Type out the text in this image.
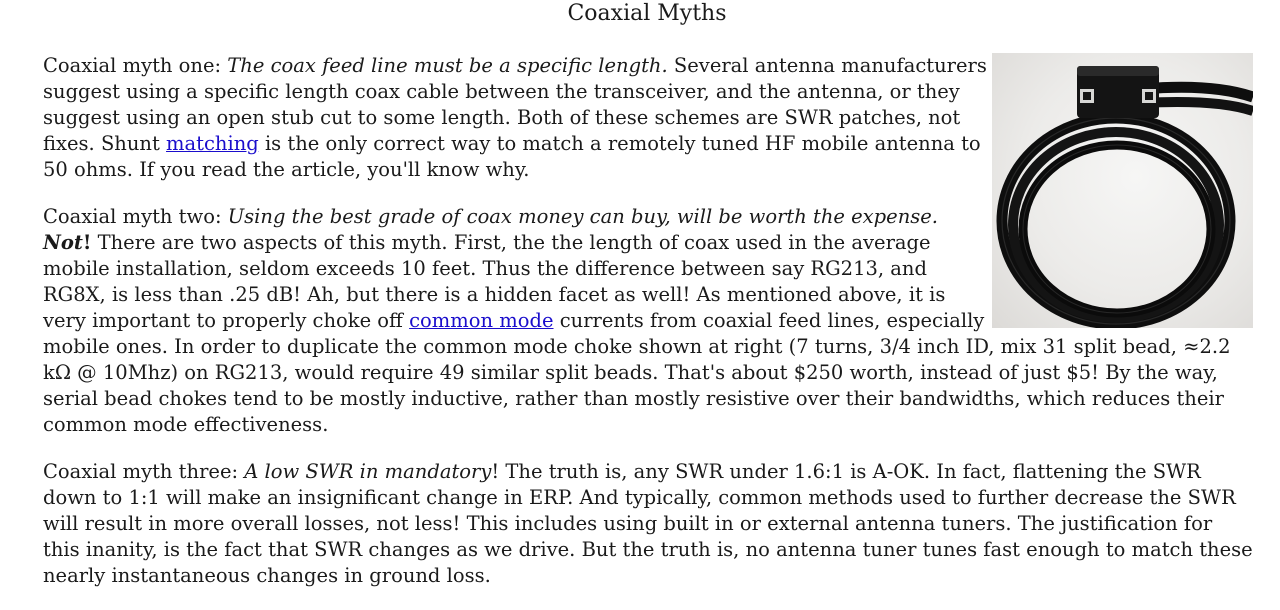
Coaxial Myths

Coaxial myth one: The coax feed line must be a specific length. Several antenna manufacturers suggest using a specific length coax cable between the transceiver, and the antenna, or they suggest using an open stub cut to some length. Both of these schemes are SWR patches, not fixes. Shunt matching is the only correct way to match a remotely tuned HF mobile antenna to 50 ohms. If you read the article, you'll know why.

Coaxial myth two: Using the best grade of coax money can buy, will be worth the expense. Not! There are two aspects of this myth. First, the the length of coax used in the average mobile installation, seldom exceeds 10 feet. Thus the difference between say RG213, and RG8X, is less than .25 dB! Ah, but there is a hidden facet as well! As mentioned above, it is very important to properly choke off common mode currents from coaxial feed lines, especially mobile ones. In order to duplicate the common mode choke shown at right (7 turns, 3/4 inch ID, mix 31 split bead, ≈2.2 kΩ @ 10Mhz) on RG213, would require 49 similar split beads. That's about $250 worth, instead of just $5! By the way, serial bead chokes tend to be mostly inductive, rather than mostly resistive over their bandwidths, which reduces their common mode effectiveness.

Coaxial myth three: A low SWR in mandatory! The truth is, any SWR under 1.6:1 is A-OK. In fact, flattening the SWR down to 1:1 will make an insignificant change in ERP. And typically, common methods used to further decrease the SWR will result in more overall losses, not less! This includes using built in or external antenna tuners. The justification for this inanity, is the fact that SWR changes as we drive. But the truth is, no antenna tuner tunes fast enough to match these nearly instantaneous changes in ground loss.
